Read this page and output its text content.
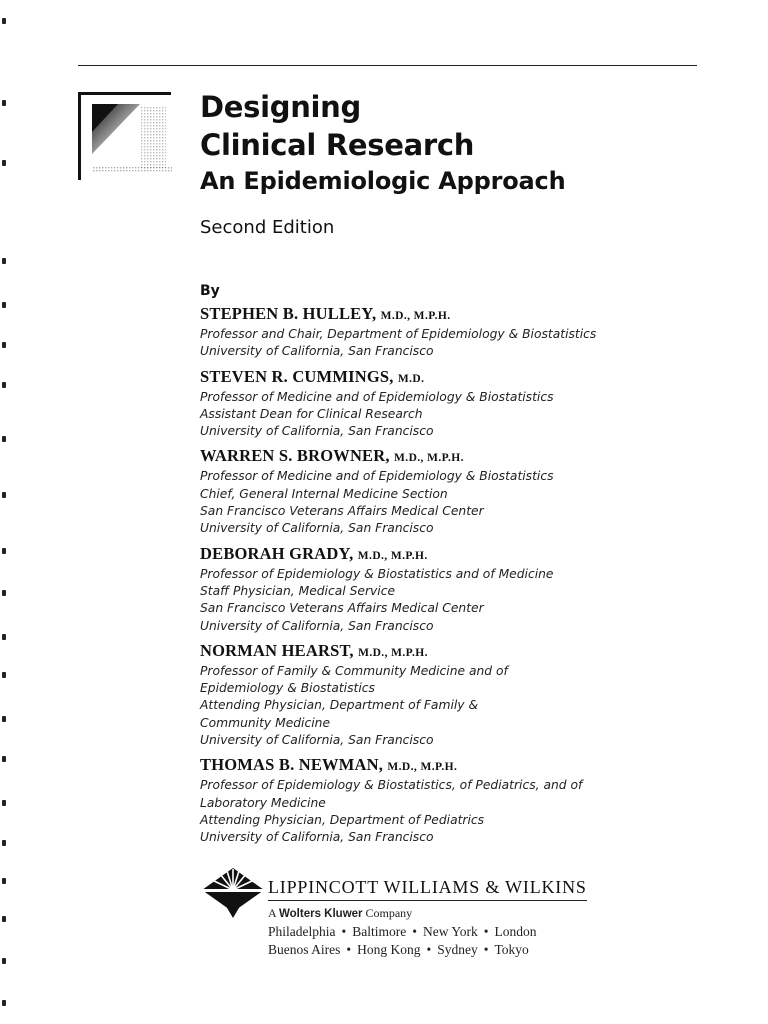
Designing
Clinical Research
An Epidemiologic Approach
Second Edition
By
STEPHEN B. HULLEY, M.D., M.P.H.
Professor and Chair, Department of Epidemiology & Biostatistics
University of California, San Francisco
STEVEN R. CUMMINGS, M.D.
Professor of Medicine and of Epidemiology & Biostatistics
Assistant Dean for Clinical Research
University of California, San Francisco
WARREN S. BROWNER, M.D., M.P.H.
Professor of Medicine and of Epidemiology & Biostatistics
Chief, General Internal Medicine Section
San Francisco Veterans Affairs Medical Center
University of California, San Francisco
DEBORAH GRADY, M.D., M.P.H.
Professor of Epidemiology & Biostatistics and of Medicine
Staff Physician, Medical Service
San Francisco Veterans Affairs Medical Center
University of California, San Francisco
NORMAN HEARST, M.D., M.P.H.
Professor of Family & Community Medicine and of
Epidemiology & Biostatistics
Attending Physician, Department of Family &
Community Medicine
University of California, San Francisco
THOMAS B. NEWMAN, M.D., M.P.H.
Professor of Epidemiology & Biostatistics, of Pediatrics, and of
Laboratory Medicine
Attending Physician, Department of Pediatrics
University of California, San Francisco
LIPPINCOTT WILLIAMS & WILKINS
A Wolters Kluwer Company
Philadelphia • Baltimore • New York • London
Buenos Aires • Hong Kong • Sydney • Tokyo
